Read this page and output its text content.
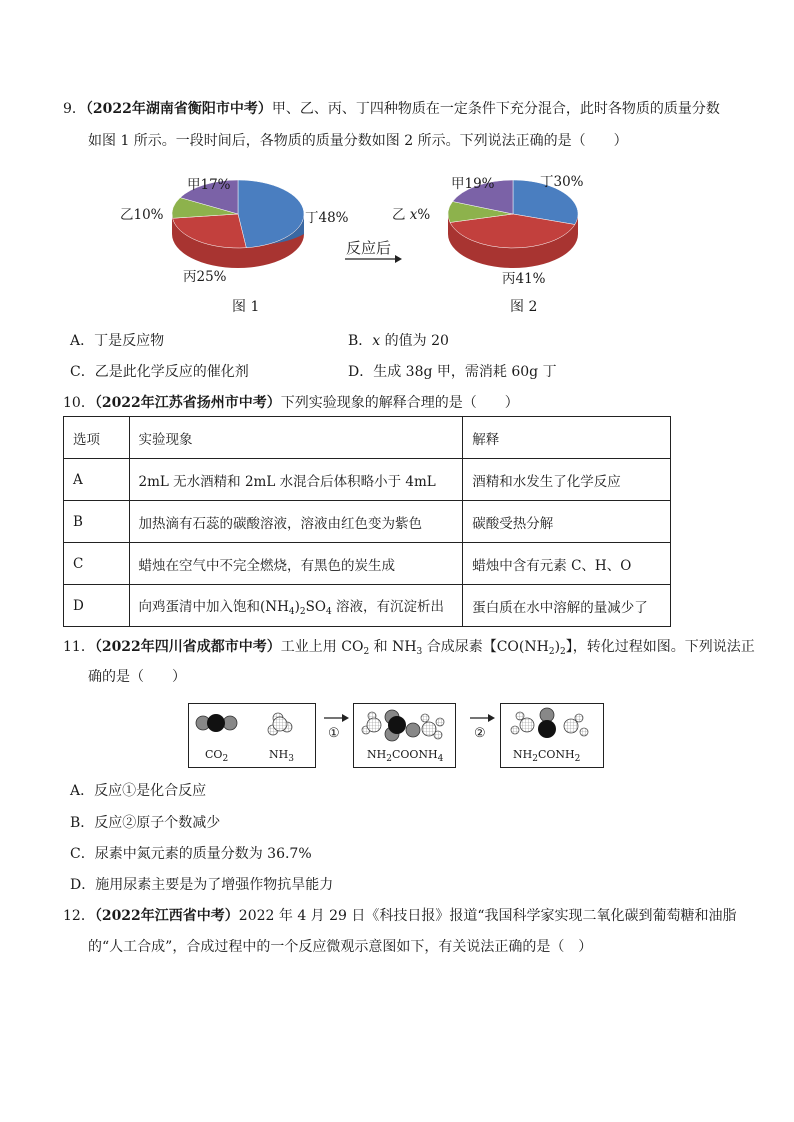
9．（2022年湖南省衡阳市中考）甲、乙、丙、丁四种物质在一定条件下充分混合，此时各物质的质量分数
如图 1 所示。一段时间后，各物质的质量分数如图 2 所示。下列说法正确的是（　　）
甲17%
乙10%
丙25%
丁48%
反应后
甲19%	丁30%
乙 x%
丙41%
图 1	图 2
A．丁是反应物	B．x 的值为 20
C．乙是此化学反应的催化剂	D．生成 38g 甲，需消耗 60g 丁
10．（2022年江苏省扬州市中考）下列实验现象的解释合理的是（　　）
选项	实验现象	解释
A	2mL 无水酒精和 2mL 水混合后体积略小于 4mL	酒精和水发生了化学反应
B	加热滴有石蕊的碳酸溶液，溶液由红色变为紫色	碳酸受热分解
C	蜡烛在空气中不完全燃烧，有黑色的炭生成	蜡烛中含有元素 C、H、O
D	向鸡蛋清中加入饱和$(NH_4)_2SO_4$ 溶液，有沉淀析出	蛋白质在水中溶解的量减少了
11．（2022年四川省成都市中考）工业上用 $CO_2$ 和 $NH_3$ 合成尿素【$CO(NH_2)_2$】，转化过程如图。下列说法正
确的是（　　）
$CO_2$	$NH_3$
①
$NH_2COONH_4$
②
$NH_2CONH_2$
A．反应①是化合反应
B．反应②原子个数减少
C．尿素中氮元素的质量分数为 36.7%
D．施用尿素主要是为了增强作物抗旱能力
12．（2022年江西省中考）2022 年 4 月 29 日《科技日报》报道“我国科学家实现二氧化碳到葡萄糖和油脂
的“人工合成”，合成过程中的一个反应微观示意图如下，有关说法正确的是（　）
